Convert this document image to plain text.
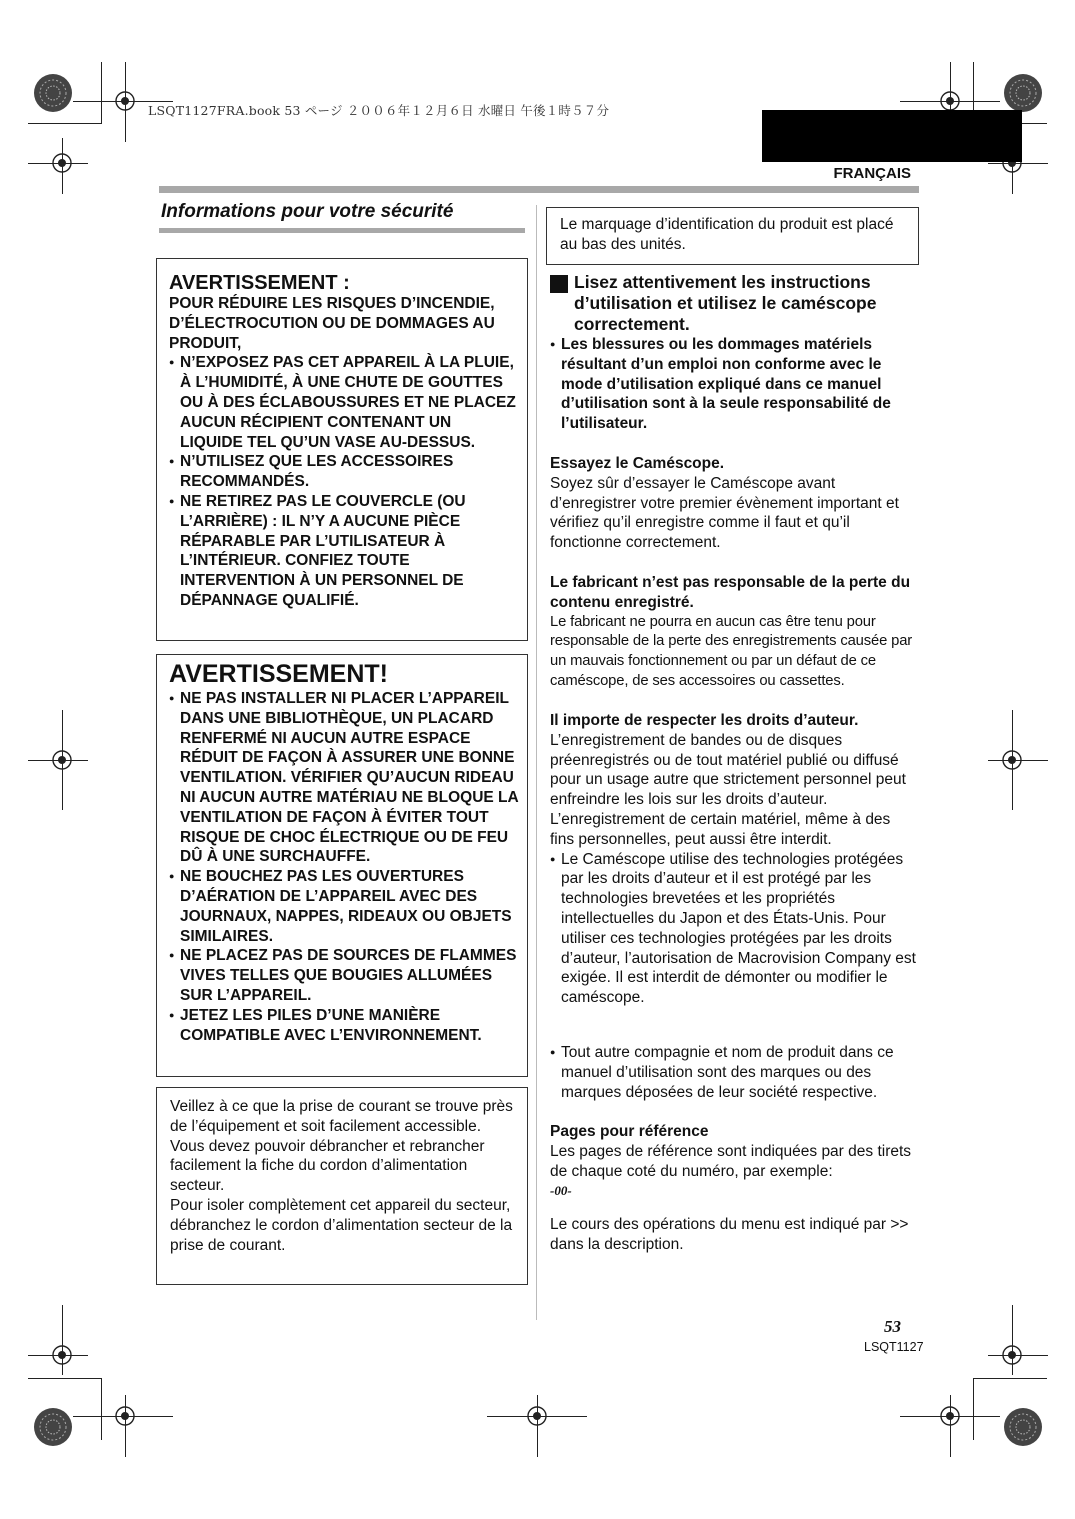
LSQT1127FRA.book 53 ページ ２００６年１２月６日 水曜日 午後１時５７分
FRANÇAIS
Informations pour votre sécurité
AVERTISSEMENT :
POUR RÉDUIRE LES RISQUES D’INCENDIE, D’ÉLECTROCUTION OU DE DOMMAGES AU PRODUIT,
● N’EXPOSEZ PAS CET APPAREIL À LA PLUIE, À L’HUMIDITÉ, À UNE CHUTE DE GOUTTES OU À DES ÉCLABOUSSURES ET NE PLACEZ AUCUN RÉCIPIENT CONTENANT UN LIQUIDE TEL QU’UN VASE AU-DESSUS.
● N’UTILISEZ QUE LES ACCESSOIRES RECOMMANDÉS.
● NE RETIREZ PAS LE COUVERCLE (OU L’ARRIÈRE) : IL N’Y A AUCUNE PIÈCE RÉPARABLE PAR L’UTILISATEUR À L’INTÉRIEUR. CONFIEZ TOUTE INTERVENTION À UN PERSONNEL DE DÉPANNAGE QUALIFIÉ.
AVERTISSEMENT!
● NE PAS INSTALLER NI PLACER L’APPAREIL DANS UNE BIBLIOTHÈQUE, UN PLACARD RENFERMÉ NI AUCUN AUTRE ESPACE RÉDUIT DE FAÇON À ASSURER UNE BONNE VENTILATION. VÉRIFIER QU’AUCUN RIDEAU NI AUCUN AUTRE MATÉRIAU NE BLOQUE LA VENTILATION DE FAÇON À ÉVITER TOUT RISQUE DE CHOC ÉLECTRIQUE OU DE FEU DÛ À UNE SURCHAUFFE.
● NE BOUCHEZ PAS LES OUVERTURES D’AÉRATION DE L’APPAREIL AVEC DES JOURNAUX, NAPPES, RIDEAUX OU OBJETS SIMILAIRES.
● NE PLACEZ PAS DE SOURCES DE FLAMMES VIVES TELLES QUE BOUGIES ALLUMÉES SUR L’APPAREIL.
● JETEZ LES PILES D’UNE MANIÈRE COMPATIBLE AVEC L’ENVIRONNEMENT.
Veillez à ce que la prise de courant se trouve près de l’équipement et soit facilement accessible.
Vous devez pouvoir débrancher et rebrancher facilement la fiche du cordon d’alimentation secteur.
Pour isoler complètement cet appareil du secteur, débranchez le cordon d’alimentation secteur de la prise de courant.
Le marquage d’identification du produit est placé au bas des unités.
Lisez attentivement les instructions d’utilisation et utilisez le caméscope correctement.
● Les blessures ou les dommages matériels résultant d’un emploi non conforme avec le mode d’utilisation expliqué dans ce manuel d’utilisation sont à la seule responsabilité de l’utilisateur.
Essayez le Caméscope.
Soyez sûr d’essayer le Caméscope avant d’enregistrer votre premier évènement important et vérifiez qu’il enregistre comme il faut et qu’il fonctionne correctement.
Le fabricant n’est pas responsable de la perte du contenu enregistré.
Le fabricant ne pourra en aucun cas être tenu pour responsable de la perte des enregistrements causée par un mauvais fonctionnement ou par un défaut de ce caméscope, de ses accessoires ou cassettes.
Il importe de respecter les droits d’auteur.
L’enregistrement de bandes ou de disques préenregistrés ou de tout matériel publié ou diffusé pour un usage autre que strictement personnel peut enfreindre les lois sur les droits d’auteur. L’enregistrement de certain matériel, même à des fins personnelles, peut aussi être interdit.
● Le Caméscope utilise des technologies protégées par les droits d’auteur et il est protégé par les technologies brevetées et les propriétés intellectuelles du Japon et des États-Unis. Pour utiliser ces technologies protégées par les droits d’auteur, l’autorisation de Macrovision Company est exigée. Il est interdit de démonter ou modifier le caméscope.
● Tout autre compagnie et nom de produit dans ce manuel d’utilisation sont des marques ou des marques déposées de leur société respective.
Pages pour référence
Les pages de référence sont indiquées par des tirets de chaque coté du numéro, par exemple:
-00-
Le cours des opérations du menu est indiqué par >> dans la description.
53
LSQT1127
